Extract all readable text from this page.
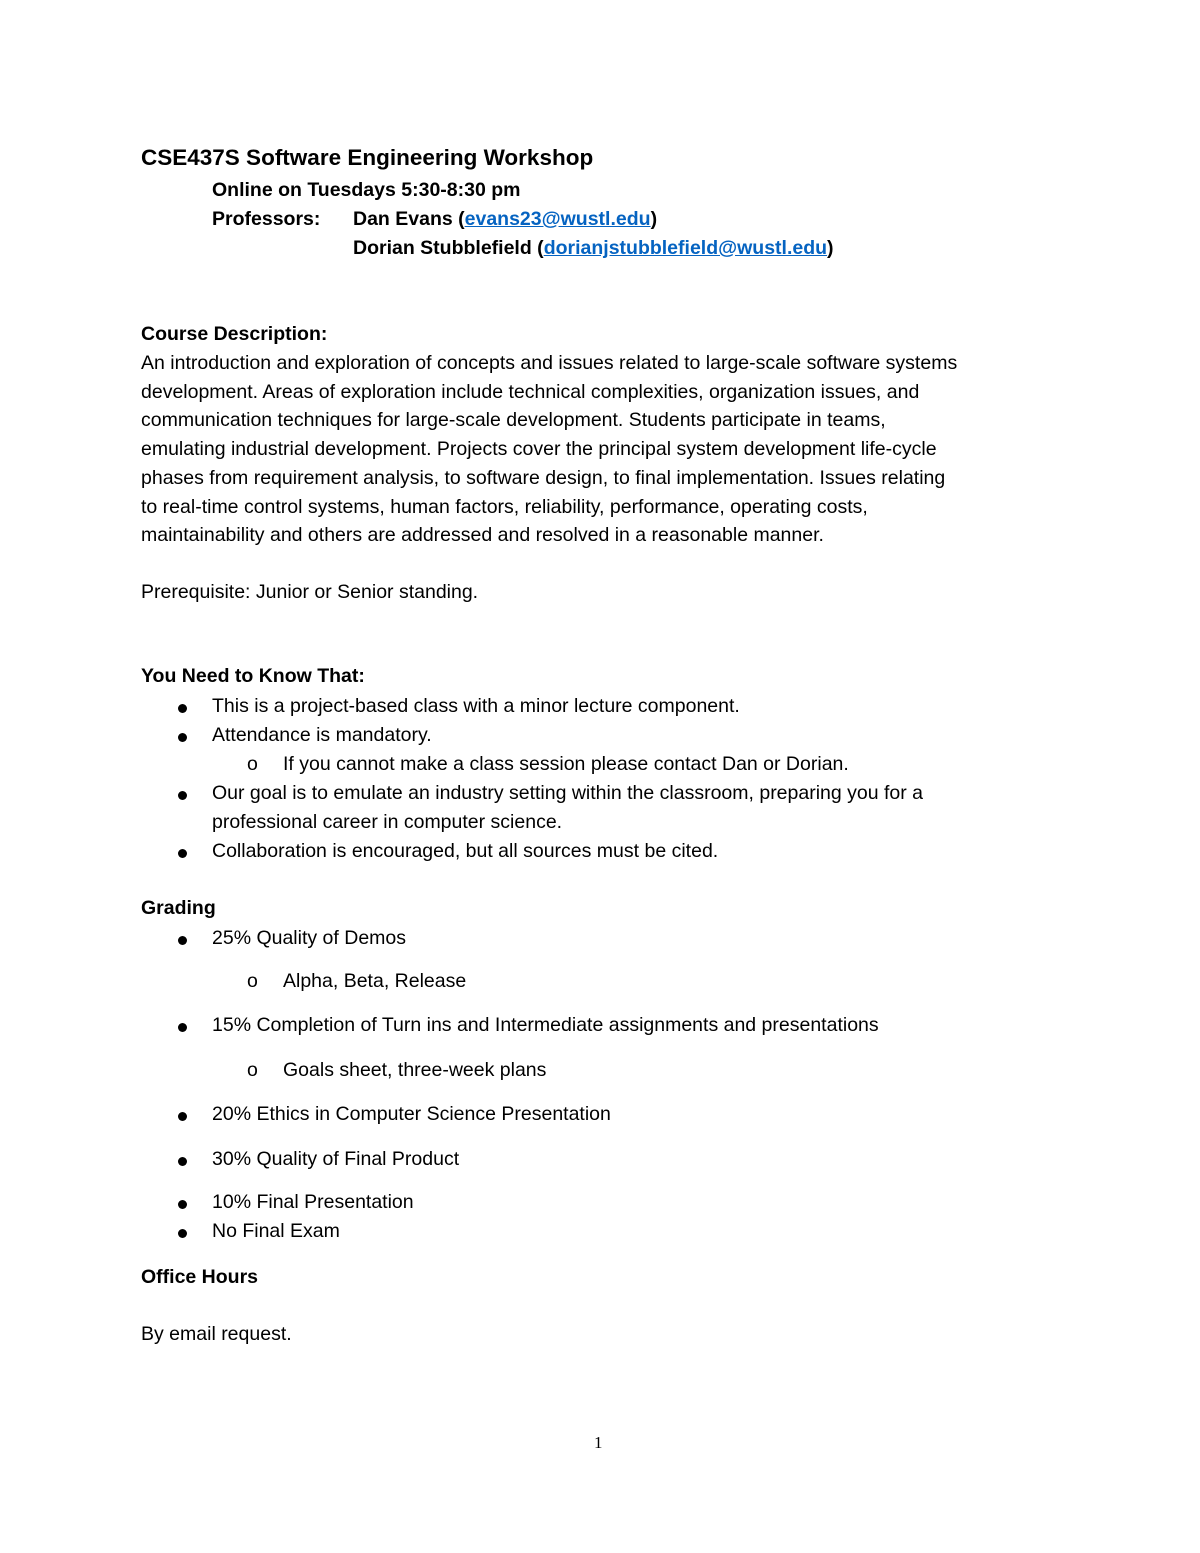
CSE437S Software Engineering Workshop
Online on Tuesdays 5:30-8:30 pm
Professors: Dan Evans (evans23@wustl.edu)
Dorian Stubblefield (dorianjstubblefield@wustl.edu)
Course Description:
An introduction and exploration of concepts and issues related to large-scale software systems
development. Areas of exploration include technical complexities, organization issues, and
communication techniques for large-scale development. Students participate in teams,
emulating industrial development. Projects cover the principal system development life-cycle
phases from requirement analysis, to software design, to final implementation. Issues relating
to real-time control systems, human factors, reliability, performance, operating costs,
maintainability and others are addressed and resolved in a reasonable manner.
Prerequisite: Junior or Senior standing.
You Need to Know That:
This is a project-based class with a minor lecture component.
Attendance is mandatory.
o If you cannot make a class session please contact Dan or Dorian.
Our goal is to emulate an industry setting within the classroom, preparing you for a
professional career in computer science.
Collaboration is encouraged, but all sources must be cited.
Grading
25% Quality of Demos
o Alpha, Beta, Release
15% Completion of Turn ins and Intermediate assignments and presentations
o Goals sheet, three-week plans
20% Ethics in Computer Science Presentation
30% Quality of Final Product
10% Final Presentation
No Final Exam
Office Hours
By email request.
1
